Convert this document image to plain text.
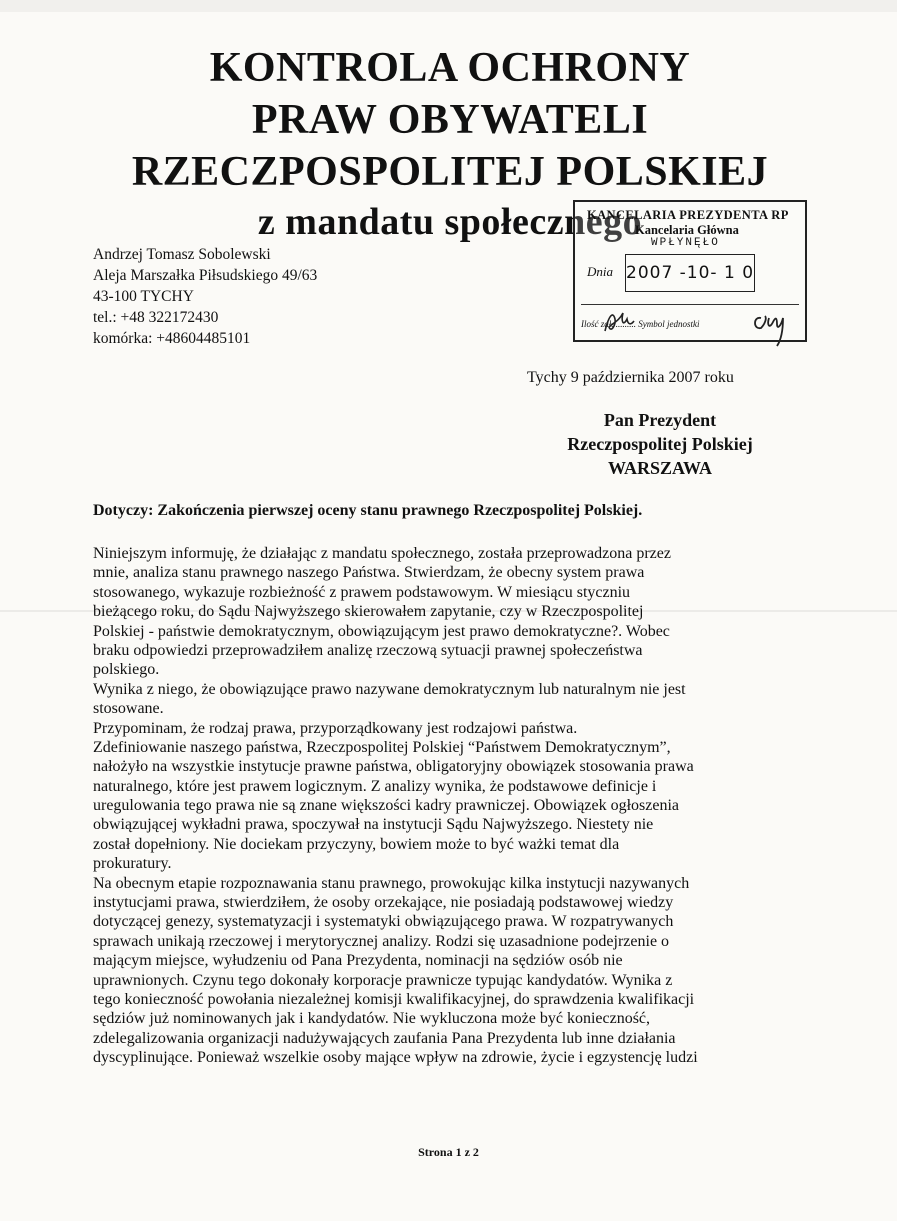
KONTROLA OCHRONY
PRAW OBYWATELI
RZECZPOSPOLITEJ POLSKIEJ
z mandatu społecznego
Andrzej Tomasz Sobolewski
Aleja Marszałka Piłsudskiego 49/63
43-100 TYCHY
tel.: +48 322172430
komórka: +48604485101
KANCELARIA PREZYDENTA RP
Kancelaria Główna
WPŁYNĘŁO
Dnia 2007 -10- 1 0
Ilość zał. ......... Symbol jednostki
Tychy 9 października 2007 roku
Pan Prezydent
Rzeczpospolitej Polskiej
WARSZAWA
Dotyczy: Zakończenia pierwszej oceny stanu prawnego Rzeczpospolitej Polskiej.
Niniejszym informuję, że działając z mandatu społecznego, została przeprowadzona przez
mnie, analiza stanu prawnego naszego Państwa. Stwierdzam, że obecny system prawa
stosowanego, wykazuje rozbieżność z prawem podstawowym. W miesiącu styczniu
bieżącego roku, do Sądu Najwyższego skierowałem zapytanie, czy w Rzeczpospolitej
Polskiej - państwie demokratycznym, obowiązującym jest prawo demokratyczne?. Wobec
braku odpowiedzi przeprowadziłem analizę rzeczową sytuacji prawnej społeczeństwa
polskiego.
Wynika z niego, że obowiązujące prawo nazywane demokratycznym lub naturalnym nie jest
stosowane.
Przypominam, że rodzaj prawa, przyporządkowany jest rodzajowi państwa.
Zdefiniowanie naszego państwa, Rzeczpospolitej Polskiej “Państwem Demokratycznym”,
nałożyło na wszystkie instytucje prawne państwa, obligatoryjny obowiązek stosowania prawa
naturalnego, które jest prawem logicznym. Z analizy wynika, że podstawowe definicje i
uregulowania tego prawa nie są znane większości kadry prawniczej. Obowiązek ogłoszenia
obwiązującej wykładni prawa, spoczywał na instytucji Sądu Najwyższego. Niestety nie
został dopełniony. Nie dociekam przyczyny, bowiem może to być ważki temat dla
prokuratury.
Na obecnym etapie rozpoznawania stanu prawnego, prowokując kilka instytucji nazywanych
instytucjami prawa, stwierdziłem, że osoby orzekające, nie posiadają podstawowej wiedzy
dotyczącej genezy, systematyzacji i systematyki obwiązującego prawa. W rozpatrywanych
sprawach unikają rzeczowej i merytorycznej analizy. Rodzi się uzasadnione podejrzenie o
mającym miejsce, wyłudzeniu od Pana Prezydenta, nominacji na sędziów osób nie
uprawnionych. Czynu tego dokonały korporacje prawnicze typując kandydatów. Wynika z
tego konieczność powołania niezależnej komisji kwalifikacyjnej, do sprawdzenia kwalifikacji
sędziów już nominowanych jak i kandydatów. Nie wykluczona może być konieczność,
zdelegalizowania organizacji nadużywających zaufania Pana Prezydenta lub inne działania
dyscyplinujące. Ponieważ wszelkie osoby mające wpływ na zdrowie, życie i egzystencję ludzi
Strona 1 z 2
